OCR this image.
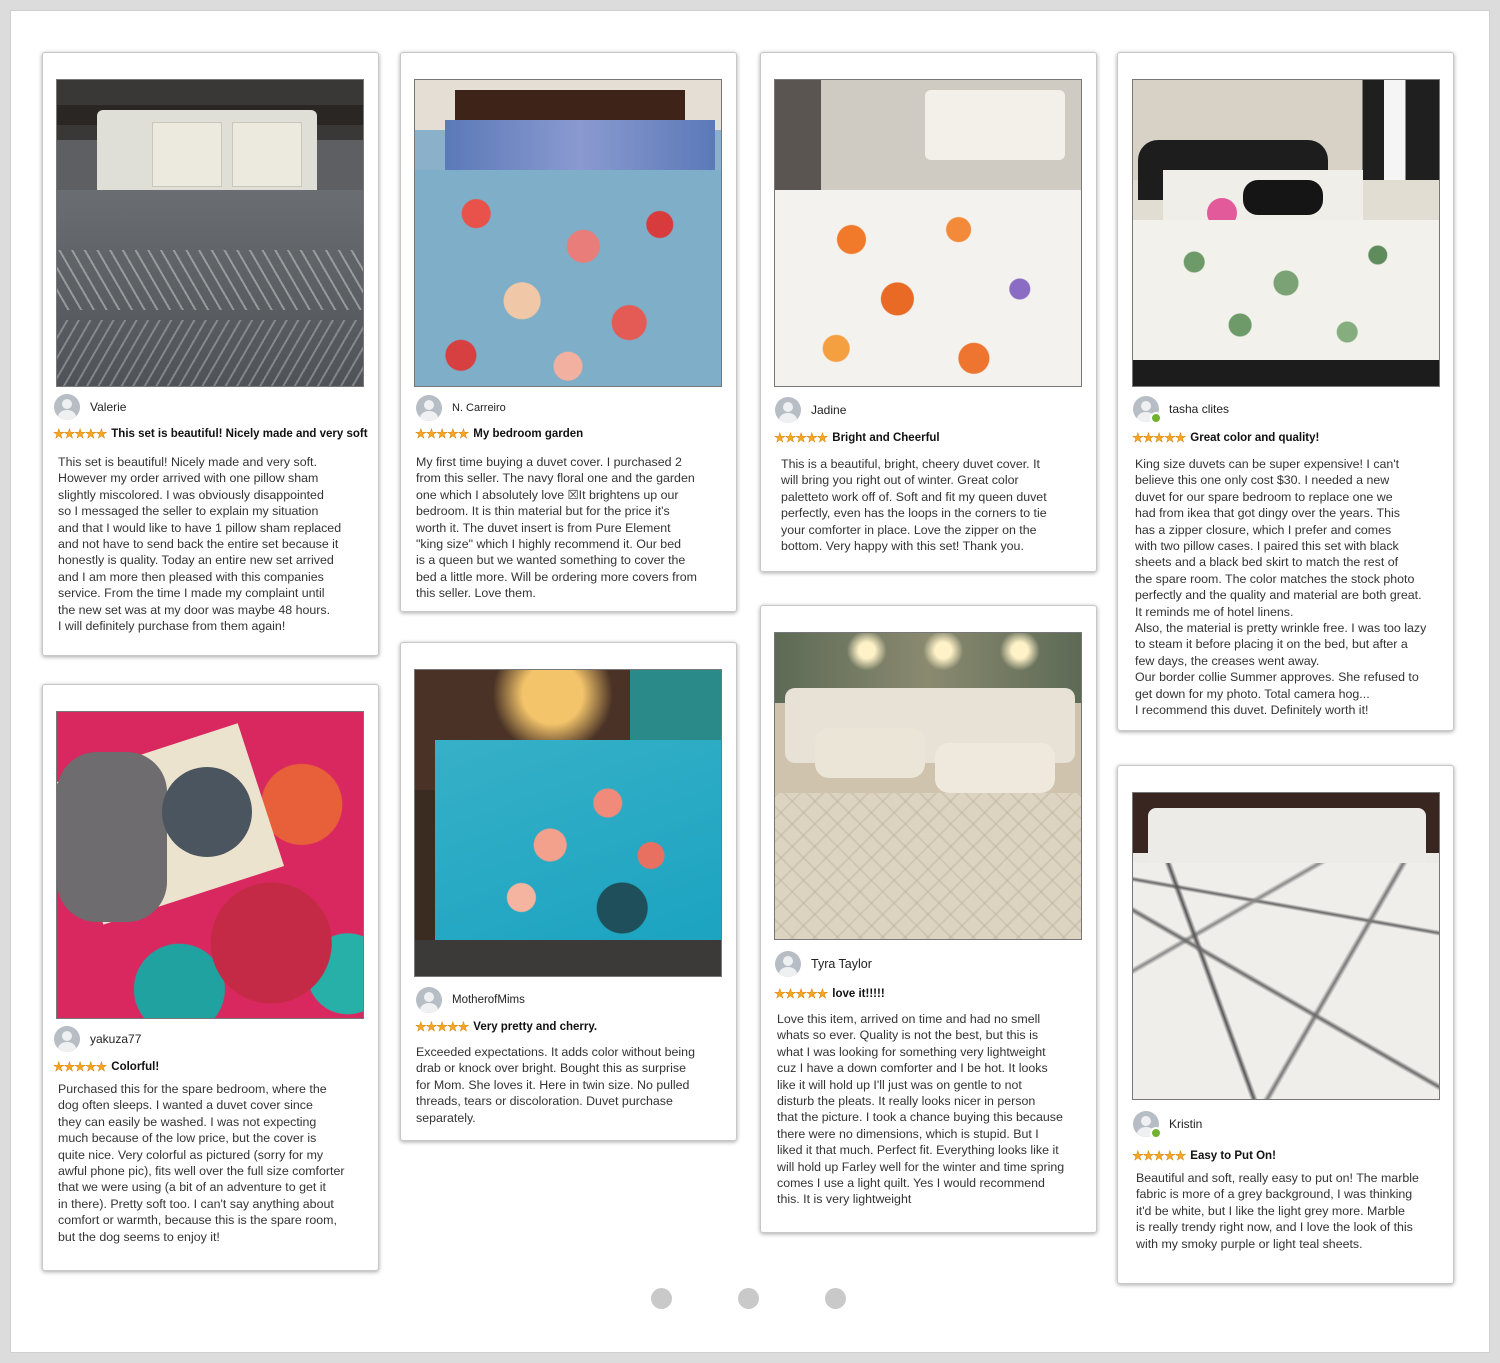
Valerie
★★★★★ This set is beautiful! Nicely made and very soft
This set is beautiful! Nicely made and very soft.
However my order arrived with one pillow sham
slightly miscolored. I was obviously disappointed
so I messaged the seller to explain my situation
and that I would like to have 1 pillow sham replaced
and not have to send back the entire set because it
honestly is quality. Today an entire new set arrived
and I am more then pleased with this companies
service. From the time I made my complaint until
the new set was at my door was maybe 48 hours.
I will definitely purchase from them again!
N. Carreiro
★★★★★ My bedroom garden
My first time buying a duvet cover. I purchased 2
from this seller. The navy floral one and the garden
one which I absolutely love ☒It brightens up our
bedroom. It is thin material but for the price it's
worth it. The duvet insert is from Pure Element
"king size" which I highly recommend it. Our bed
is a queen but we wanted something to cover the
bed a little more. Will be ordering more covers from
this seller. Love them.
Jadine
★★★★★ Bright and Cheerful
This is a beautiful, bright, cheery duvet cover. It
will bring you right out of winter. Great color
paletteto work off of. Soft and fit my queen duvet
perfectly, even has the loops in the corners to tie
your comforter in place. Love the zipper on the
bottom. Very happy with this set! Thank you.
tasha clites
★★★★★ Great color and quality!
King size duvets can be super expensive! I can't
believe this one only cost $30. I needed a new
duvet for our spare bedroom to replace one we
had from ikea that got dingy over the years. This
has a zipper closure, which I prefer and comes
with two pillow cases. I paired this set with black
sheets and a black bed skirt to match the rest of
the spare room. The color matches the stock photo
perfectly and the quality and material are both great.
It reminds me of hotel linens.
Also, the material is pretty wrinkle free. I was too lazy
to steam it before placing it on the bed, but after a
few days, the creases went away.
Our border collie Summer approves. She refused to
get down for my photo. Total camera hog...
I recommend this duvet. Definitely worth it!
yakuza77
★★★★★ Colorful!
Purchased this for the spare bedroom, where the
dog often sleeps. I wanted a duvet cover since
they can easily be washed. I was not expecting
much because of the low price, but the cover is
quite nice. Very colorful as pictured (sorry for my
awful phone pic), fits well over the full size comforter
that we were using (a bit of an adventure to get it
in there). Pretty soft too. I can't say anything about
comfort or warmth, because this is the spare room,
but the dog seems to enjoy it!
MotherofMims
★★★★★ Very pretty and cherry.
Exceeded expectations. It adds color without being
drab or knock over bright. Bought this as surprise
for Mom. She loves it. Here in twin size. No pulled
threads, tears or discoloration. Duvet purchase
separately.
Tyra Taylor
★★★★★ love it!!!!!
Love this item, arrived on time and had no smell
whats so ever. Quality is not the best, but this is
what I was looking for something very lightweight
cuz I have a down comforter and I be hot. It looks
like it will hold up I'll just was on gentle to not
disturb the pleats. It really looks nicer in person
that the picture. I took a chance buying this because
there were no dimensions, which is stupid. But I
liked it that much. Perfect fit. Everything looks like it
will hold up Farley well for the winter and time spring
comes I use a light quilt. Yes I would recommend
this. It is very lightweight
Kristin
★★★★★ Easy to Put On!
Beautiful and soft, really easy to put on! The marble
fabric is more of a grey background, I was thinking
it'd be white, but I like the light grey more. Marble
is really trendy right now, and I love the look of this
with my smoky purple or light teal sheets.
